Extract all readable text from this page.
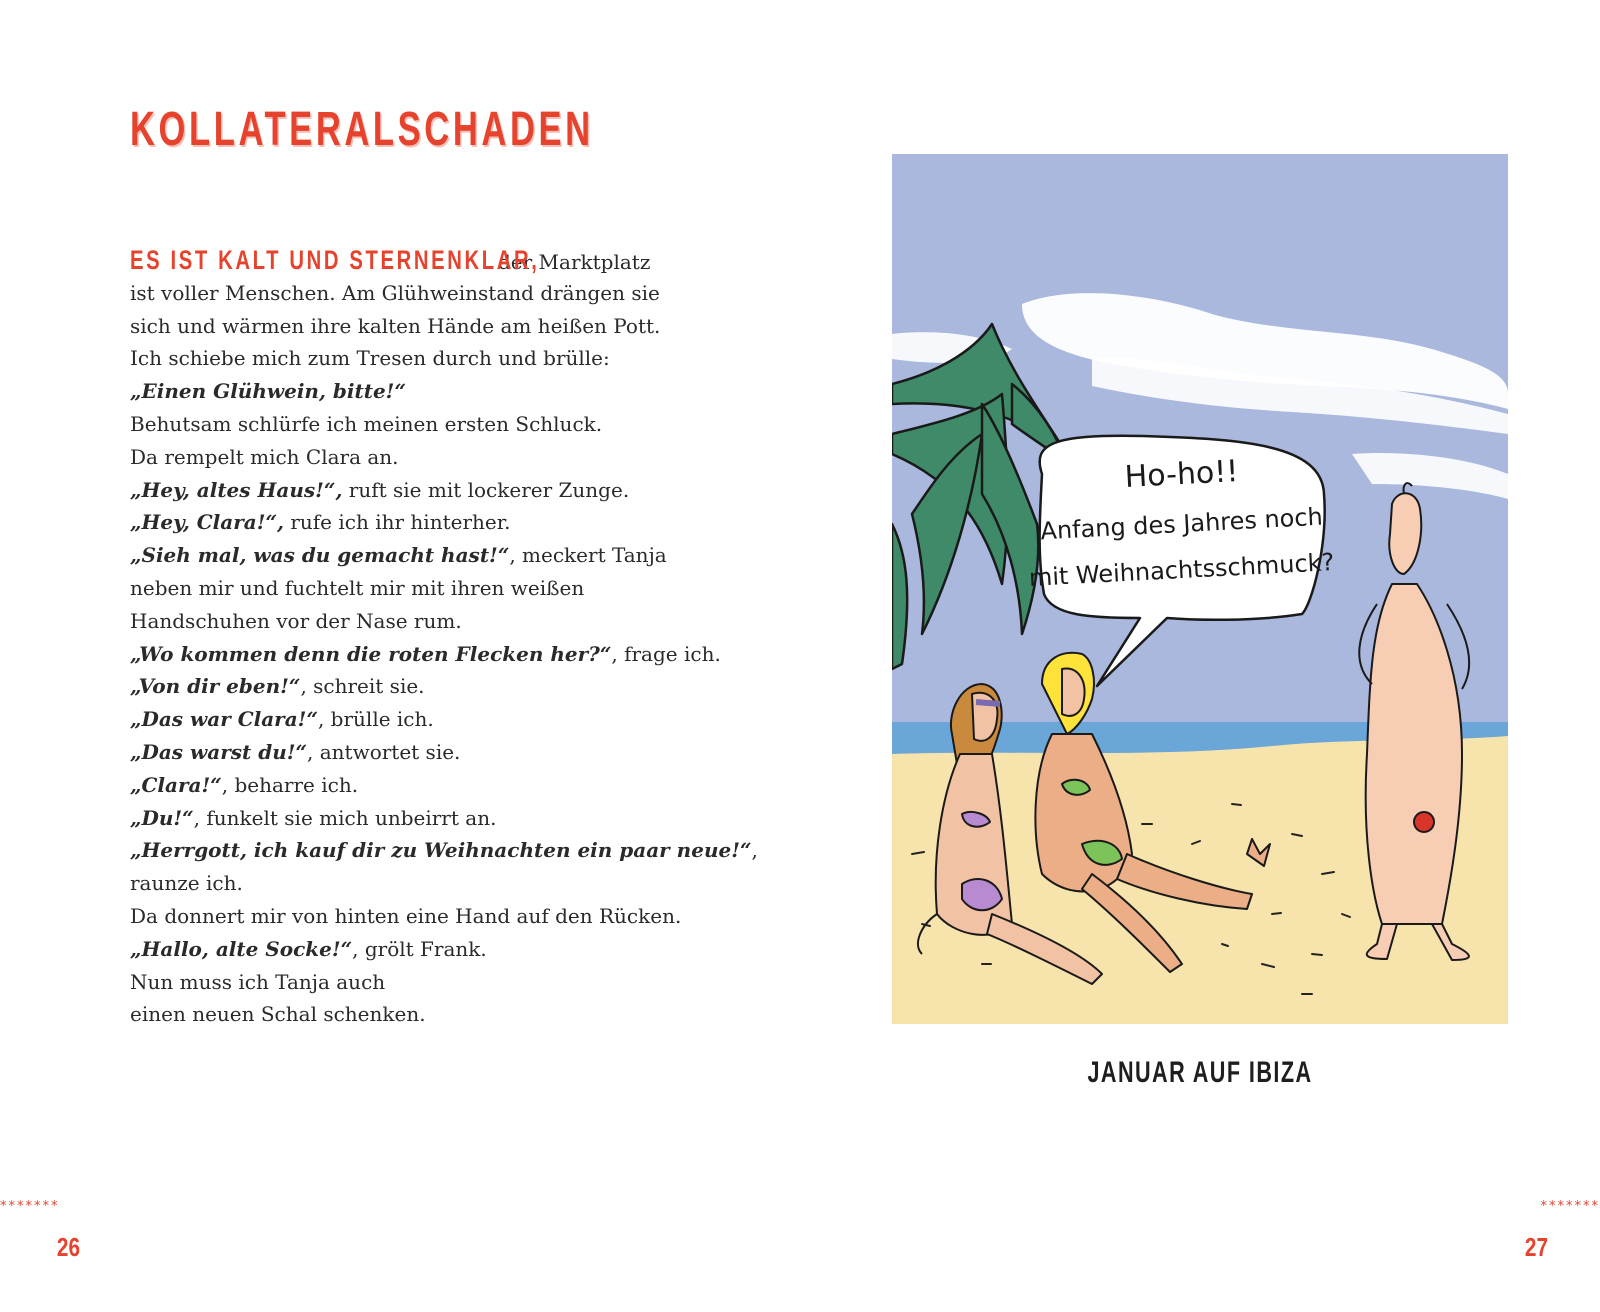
KOLLATERALSCHADEN
ES IST KALT UND STERNENKLAR,der Marktplatz
ist voller Menschen. Am Glühweinstand drängen sie
sich und wärmen ihre kalten Hände am heißen Pott.
Ich schiebe mich zum Tresen durch und brülle:
„Einen Glühwein, bitte!“
Behutsam schlürfe ich meinen ersten Schluck.
Da rempelt mich Clara an.
„Hey, altes Haus!“, ruft sie mit lockerer Zunge.
„Hey, Clara!“, rufe ich ihr hinterher.
„Sieh mal, was du gemacht hast!“, meckert Tanja
neben mir und fuchtelt mir mit ihren weißen
Handschuhen vor der Nase rum.
„Wo kommen denn die roten Flecken her?“, frage ich.
„Von dir eben!“, schreit sie.
„Das war Clara!“, brülle ich.
„Das warst du!“, antwortet sie.
„Clara!“, beharre ich.
„Du!“, funkelt sie mich unbeirrt an.
„Herrgott, ich kauf dir zu Weihnachten ein paar neue!“,
raunze ich.
Da donnert mir von hinten eine Hand auf den Rücken.
„Hallo, alte Socke!“, grölt Frank.
Nun muss ich Tanja auch
einen neuen Schal schenken.
Ho-ho!!
Anfang des Jahres noch
mit Weihnachtsschmuck?
JANUAR AUF IBIZA
*******
26
*******
27
